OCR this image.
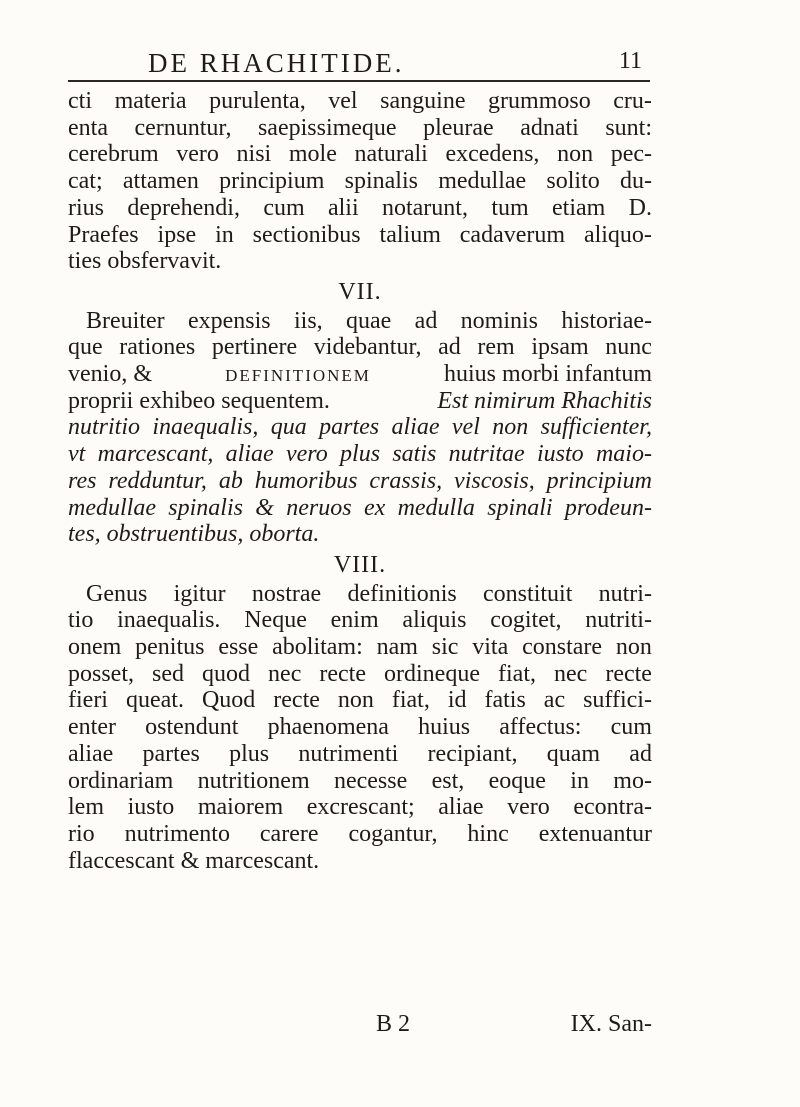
DE RHACHITIDE.	11
cti materia purulenta, vel sanguine grummoso cru-
enta cernuntur, saepissimeque pleurae adnati sunt:
cerebrum vero nisi mole naturali excedens, non pec-
cat; attamen principium spinalis medullae solito du-
rius deprehendi, cum alii notarunt, tum etiam D.
Praefes ipse in sectionibus talium cadaverum aliquo-
ties obsfervavit.
VII.
Breuiter expensis iis, quae ad nominis historiae-
que rationes pertinere videbantur, ad rem ipsam nunc
venio, &	definitionem	huius morbi infantum
proprii exhibeo sequentem.	Est nimirum Rhachitis
nutritio inaequalis, qua partes aliae vel non sufficienter,
vt marcescant, aliae vero plus satis nutritae iusto maio-
res redduntur, ab humoribus crassis, viscosis, principium
medullae spinalis & neruos ex medulla spinali prodeun-
tes, obstruentibus, oborta.
VIII.
Genus igitur nostrae definitionis constituit nutri-
tio inaequalis. Neque enim aliquis cogitet, nutriti-
onem penitus esse abolitam: nam sic vita constare non
posset, sed quod nec recte ordineque fiat, nec recte
fieri queat. Quod recte non fiat, id fatis ac suffici-
enter ostendunt phaenomena huius affectus: cum
aliae partes plus nutrimenti recipiant, quam ad
ordinariam nutritionem necesse est, eoque in mo-
lem iusto maiorem excrescant; aliae vero econtra-
rio nutrimento carere cogantur, hinc extenuantur
flaccescant & marcescant.
B 2	IX. San-
